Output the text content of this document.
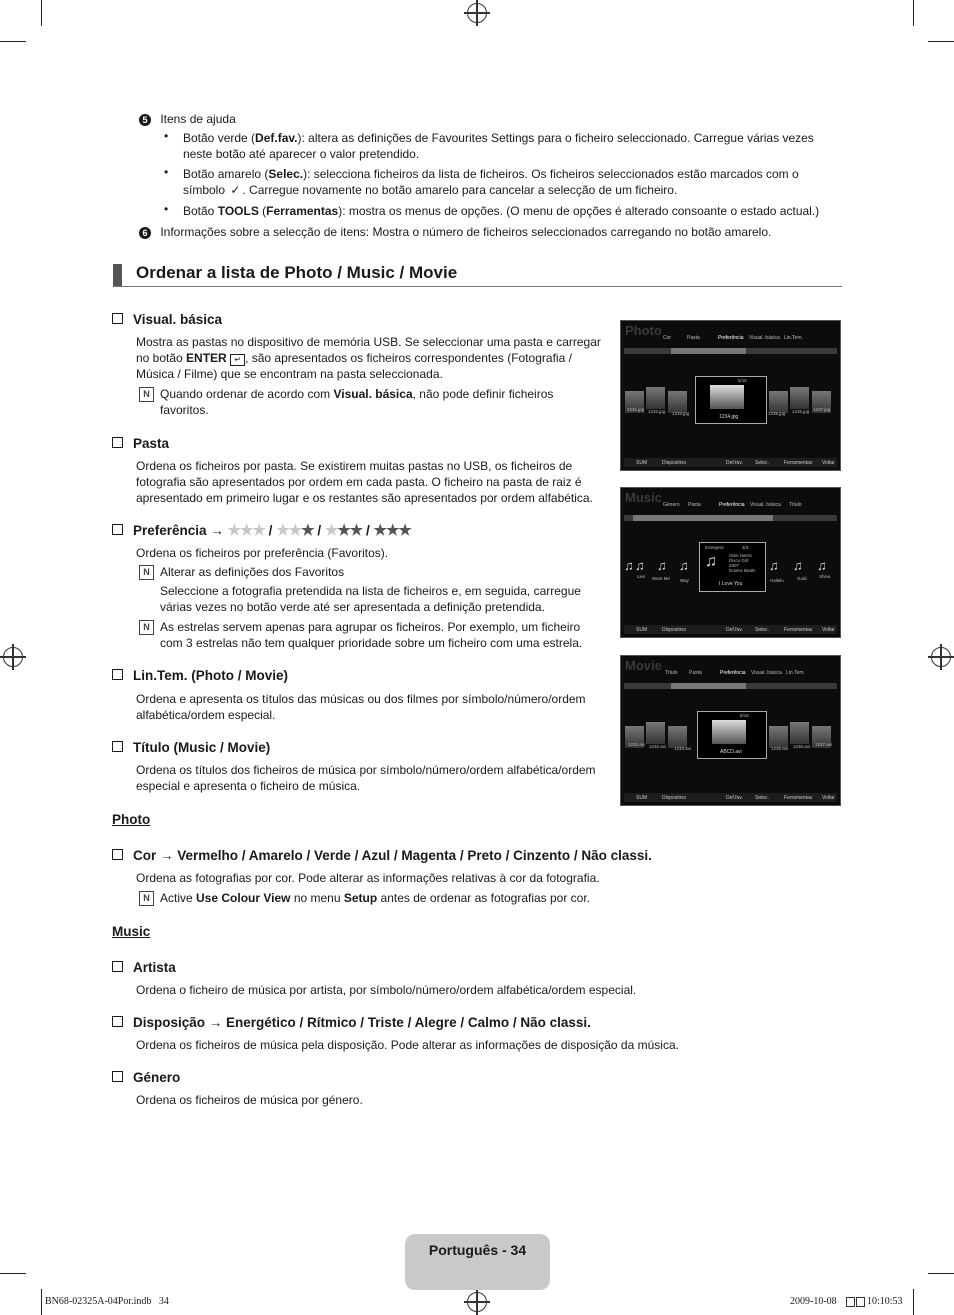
5 Itens de ajuda
• Botão verde (Def.fav.): altera as definições de Favourites Settings para o ficheiro seleccionado. Carregue várias vezes
neste botão até aparecer o valor pretendido.
• Botão amarelo (Selec.): selecciona ficheiros da lista de ficheiros. Os ficheiros seleccionados estão marcados com o
símbolo ✓ . Carregue novamente no botão amarelo para cancelar a selecção de um ficheiro.
• Botão TOOLS (Ferramentas): mostra os menus de opções. (O menu de opções é alterado consoante o estado actual.)
6 Informações sobre a selecção de itens: Mostra o número de ficheiros seleccionados carregando no botão amarelo.
Ordenar a lista de Photo / Music / Movie
Visual. básica
Mostra as pastas no dispositivo de memória USB. Se seleccionar uma pasta e carregar
no botão ENTER ↵ , são apresentados os ficheiros correspondentes (Fotografia /
Música / Filme) que se encontram na pasta seleccionada.
N Quando ordenar de acordo com Visual. básica, não pode definir ficheiros
favoritos.
Pasta
Ordena os ficheiros por pasta. Se existirem muitas pastas no USB, os ficheiros de
fotografia são apresentados por ordem em cada pasta. O ficheiro na pasta de raiz é
apresentado em primeiro lugar e os restantes são apresentados por ordem alfabética.
Preferência → ★★★ / ★★★ / ★★★ / ★★★
Ordena os ficheiros por preferência (Favoritos).
N Alterar as definições dos Favoritos

Seleccione a fotografia pretendida na lista de ficheiros e, em seguida, carregue
várias vezes no botão verde até ser apresentada a definição pretendida.
N As estrelas servem apenas para agrupar os ficheiros. Por exemplo, um ficheiro
com 3 estrelas não tem qualquer prioridade sobre um ficheiro com uma estrela.
Lin.Tem. (Photo / Movie)
Ordena e apresenta os títulos das músicas ou dos filmes por símbolo/número/ordem
alfabética/ordem especial.
Título (Music / Movie)
Ordena os títulos dos ficheiros de música por símbolo/número/ordem alfabética/ordem
especial e apresenta o ficheiro de música.
Photo
Cor → Vermelho / Amarelo / Verde / Azul / Magenta / Preto / Cinzento / Não classi.
Ordena as fotografias por cor. Pode alterar as informações relativas à cor da fotografia.
N Active Use Colour View no menu Setup antes de ordenar as fotografias por cor.
Music
Artista
Ordena o ficheiro de música por artista, por símbolo/número/ordem alfabética/ordem especial.
Disposição → Energético / Rítmico / Triste / Alegre / Calmo / Não classi.
Ordena os ficheiros de música pela disposição. Pode alterar as informações de disposição da música.
Género
Ordena os ficheiros de música por género.
Photo Cor	Pasta	Preferência Visual. básica Lin.Tem.
1231.jpg 1232.jpg 1233.jpg	1235.jpg 1236.jpg 1237.jpg
5/16
1234.jpg
SUM	Dispositivo	Def.fav. Selec.	Ferramentas Voltar
Music Género Pasta	Preferência Visual. básica Título
♫ ♫ ♫ ♫	♫ ♫ ♫
Lies Want Me Way	Hallelu	Gold	Shine
Energetic	3/3
♫	Glen Harris
Disco Girl
2007
Downs Beats
I Love You
SUM	Dispositivo	Def.fav. Selec.	Ferramentas Voltar
Movie Título Pasta	Preferência Visual. básica Lin.Tem.
1231.avi 1232.avi 1233.avi	1235.avi 1236.avi 1237.avi
5/16
ABCD.avi
SUM	Dispositivo	Def.fav. Selec.	Ferramentas Voltar
Português - 34
BN68-02325A-04Por.indb   34	2009-10-08	10:10:53
